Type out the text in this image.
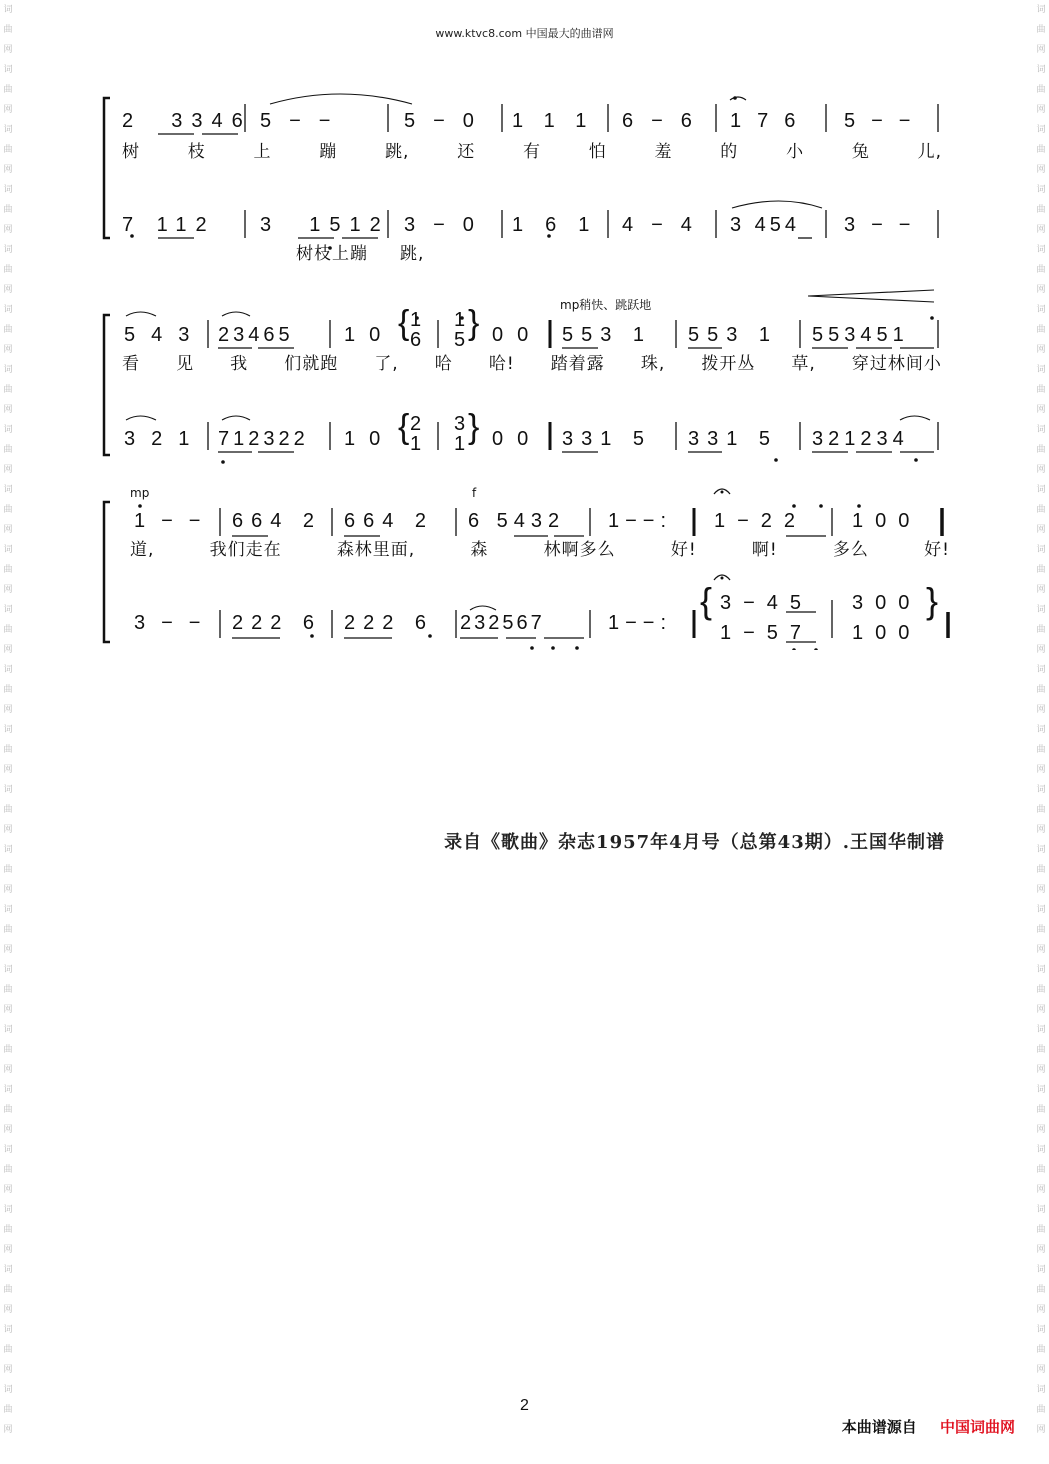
词
曲
网
词
曲
网
词
曲
网
词
曲
网
词
曲
网
词
曲
网
词
曲
网
词
曲
网
词
曲
网
词
曲
网
词
曲
网
词
曲
网
词
曲
网
词
曲
网
词
曲
网
词
曲
网
词
曲
网
词
曲
网
词
曲
网
词
曲
网
词
曲
网
词
曲
网
词
曲
网
词
曲
网
词
曲
网
词
曲
网
词
曲
网
词
曲
网
词
曲
网
词
曲
网
词
曲
网
词
曲
网
词
曲
网
词
曲
网
词
曲
网
词
曲
网
词
曲
网
词
曲
网
词
曲
网
词
曲
网
词
曲
网
词
曲
网
词
曲
网
词
曲
网
词
曲
网
词
曲
网
词
曲
网
词
曲
网
www.ktvc8.com 中国最大的曲谱网
2  3346 5−−	5−0 111 6−6 176 5−−
树	枝	上	蹦	跳,	还	有	怕	羞	的	小	兔	儿,
7 112 3  1512 3−0 161 4−4 3 454 3−−
树枝上蹦 跳,
mp稍快、跳跃地
543 23465	10 { 1
6
1
5 } 00 553 1 553 1 553451
看 见 我 们就跑 了, 哈 哈! 踏着露 珠, 拨开丛 草, 穿过林间小
321 712322 10 { 2
1
3
1 } 00 331 5 331 5 321234
mp	f
1−− 664 2 664 2 6 5432 1−−: 1−22 100
道,	我们走在	森林里面,	森	林啊多么	好!	啊!	多么	好!
3−− 222 6 222 6 232567	1−−:
{ 3−45
1−57
300
100
}
录自《歌曲》杂志1957年4月号（总第43期）.王国华制谱
2
本曲谱源自 中国词曲网
